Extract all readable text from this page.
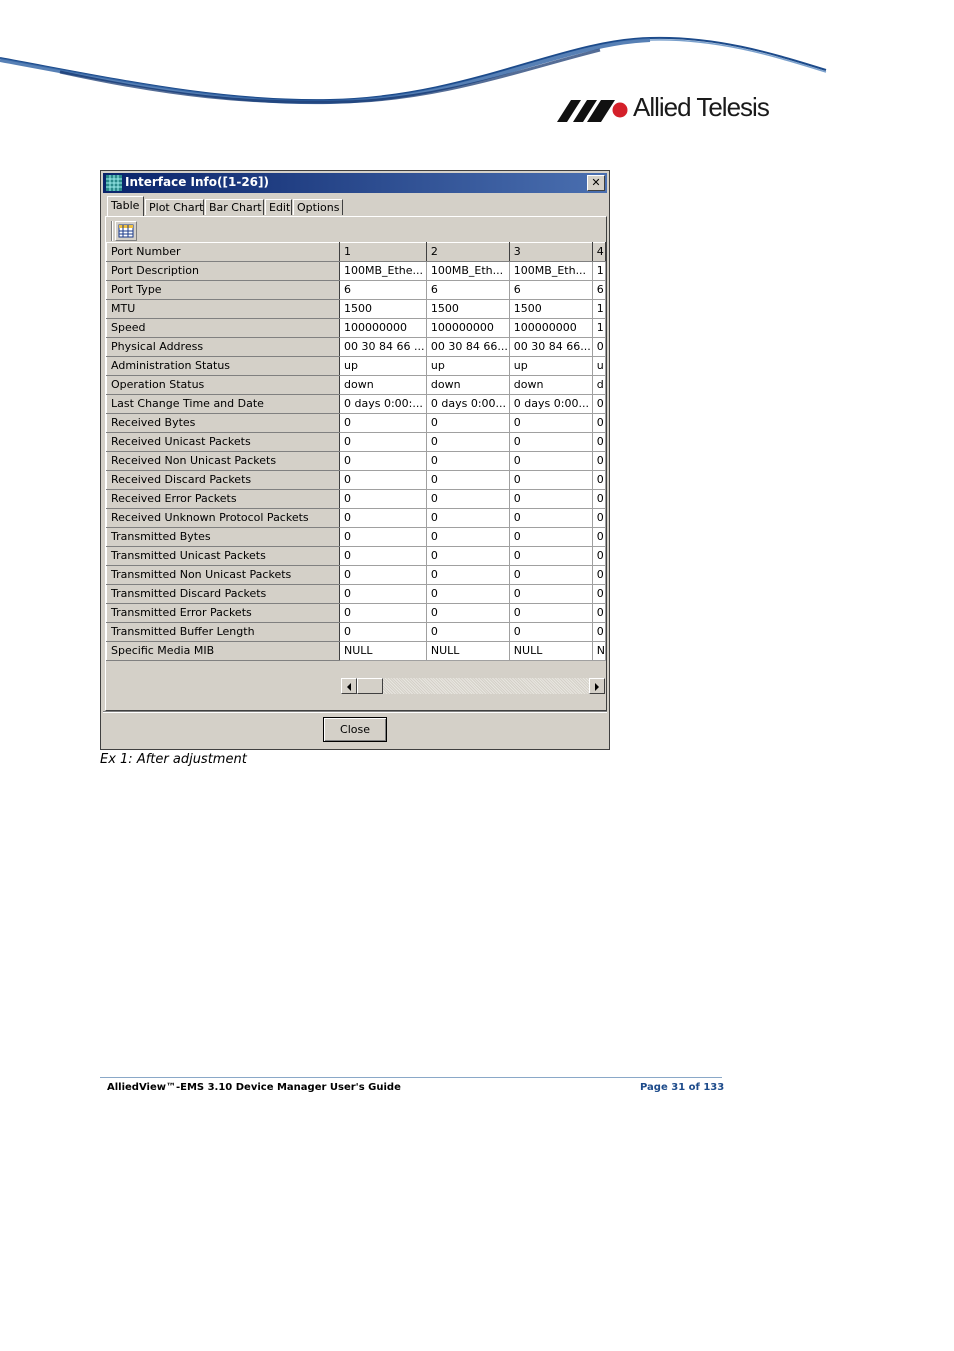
Allied Telesis
Interface Info([1-26])	✕
Table Plot Chart Bar Chart Edit Options
Port Number	1	2	3	4
Port Description	100MB_Ethe...	100MB_Eth...	100MB_Eth...	1
Port Type	6	6	6	6
MTU	1500	1500	1500	1
Speed	100000000	100000000	100000000	1
Physical Address	00 30 84 66 ...	00 30 84 66...	00 30 84 66...	0
Administration Status	up	up	up	u
Operation Status	down	down	down	d
Last Change Time and Date	0 days 0:00:...	0 days 0:00...	0 days 0:00...	0
Received Bytes	0	0	0	0
Received Unicast Packets	0	0	0	0
Received Non Unicast Packets	0	0	0	0
Received Discard Packets	0	0	0	0
Received Error Packets	0	0	0	0
Received Unknown Protocol Packets	0	0	0	0
Transmitted Bytes	0	0	0	0
Transmitted Unicast Packets	0	0	0	0
Transmitted Non Unicast Packets	0	0	0	0
Transmitted Discard Packets	0	0	0	0
Transmitted Error Packets	0	0	0	0
Transmitted Buffer Length	0	0	0	0
Specific Media MIB	NULL	NULL	NULL	N
Close
Ex 1: After adjustment
AlliedView™-EMS 3.10 Device Manager User's Guide	Page 31 of 133
